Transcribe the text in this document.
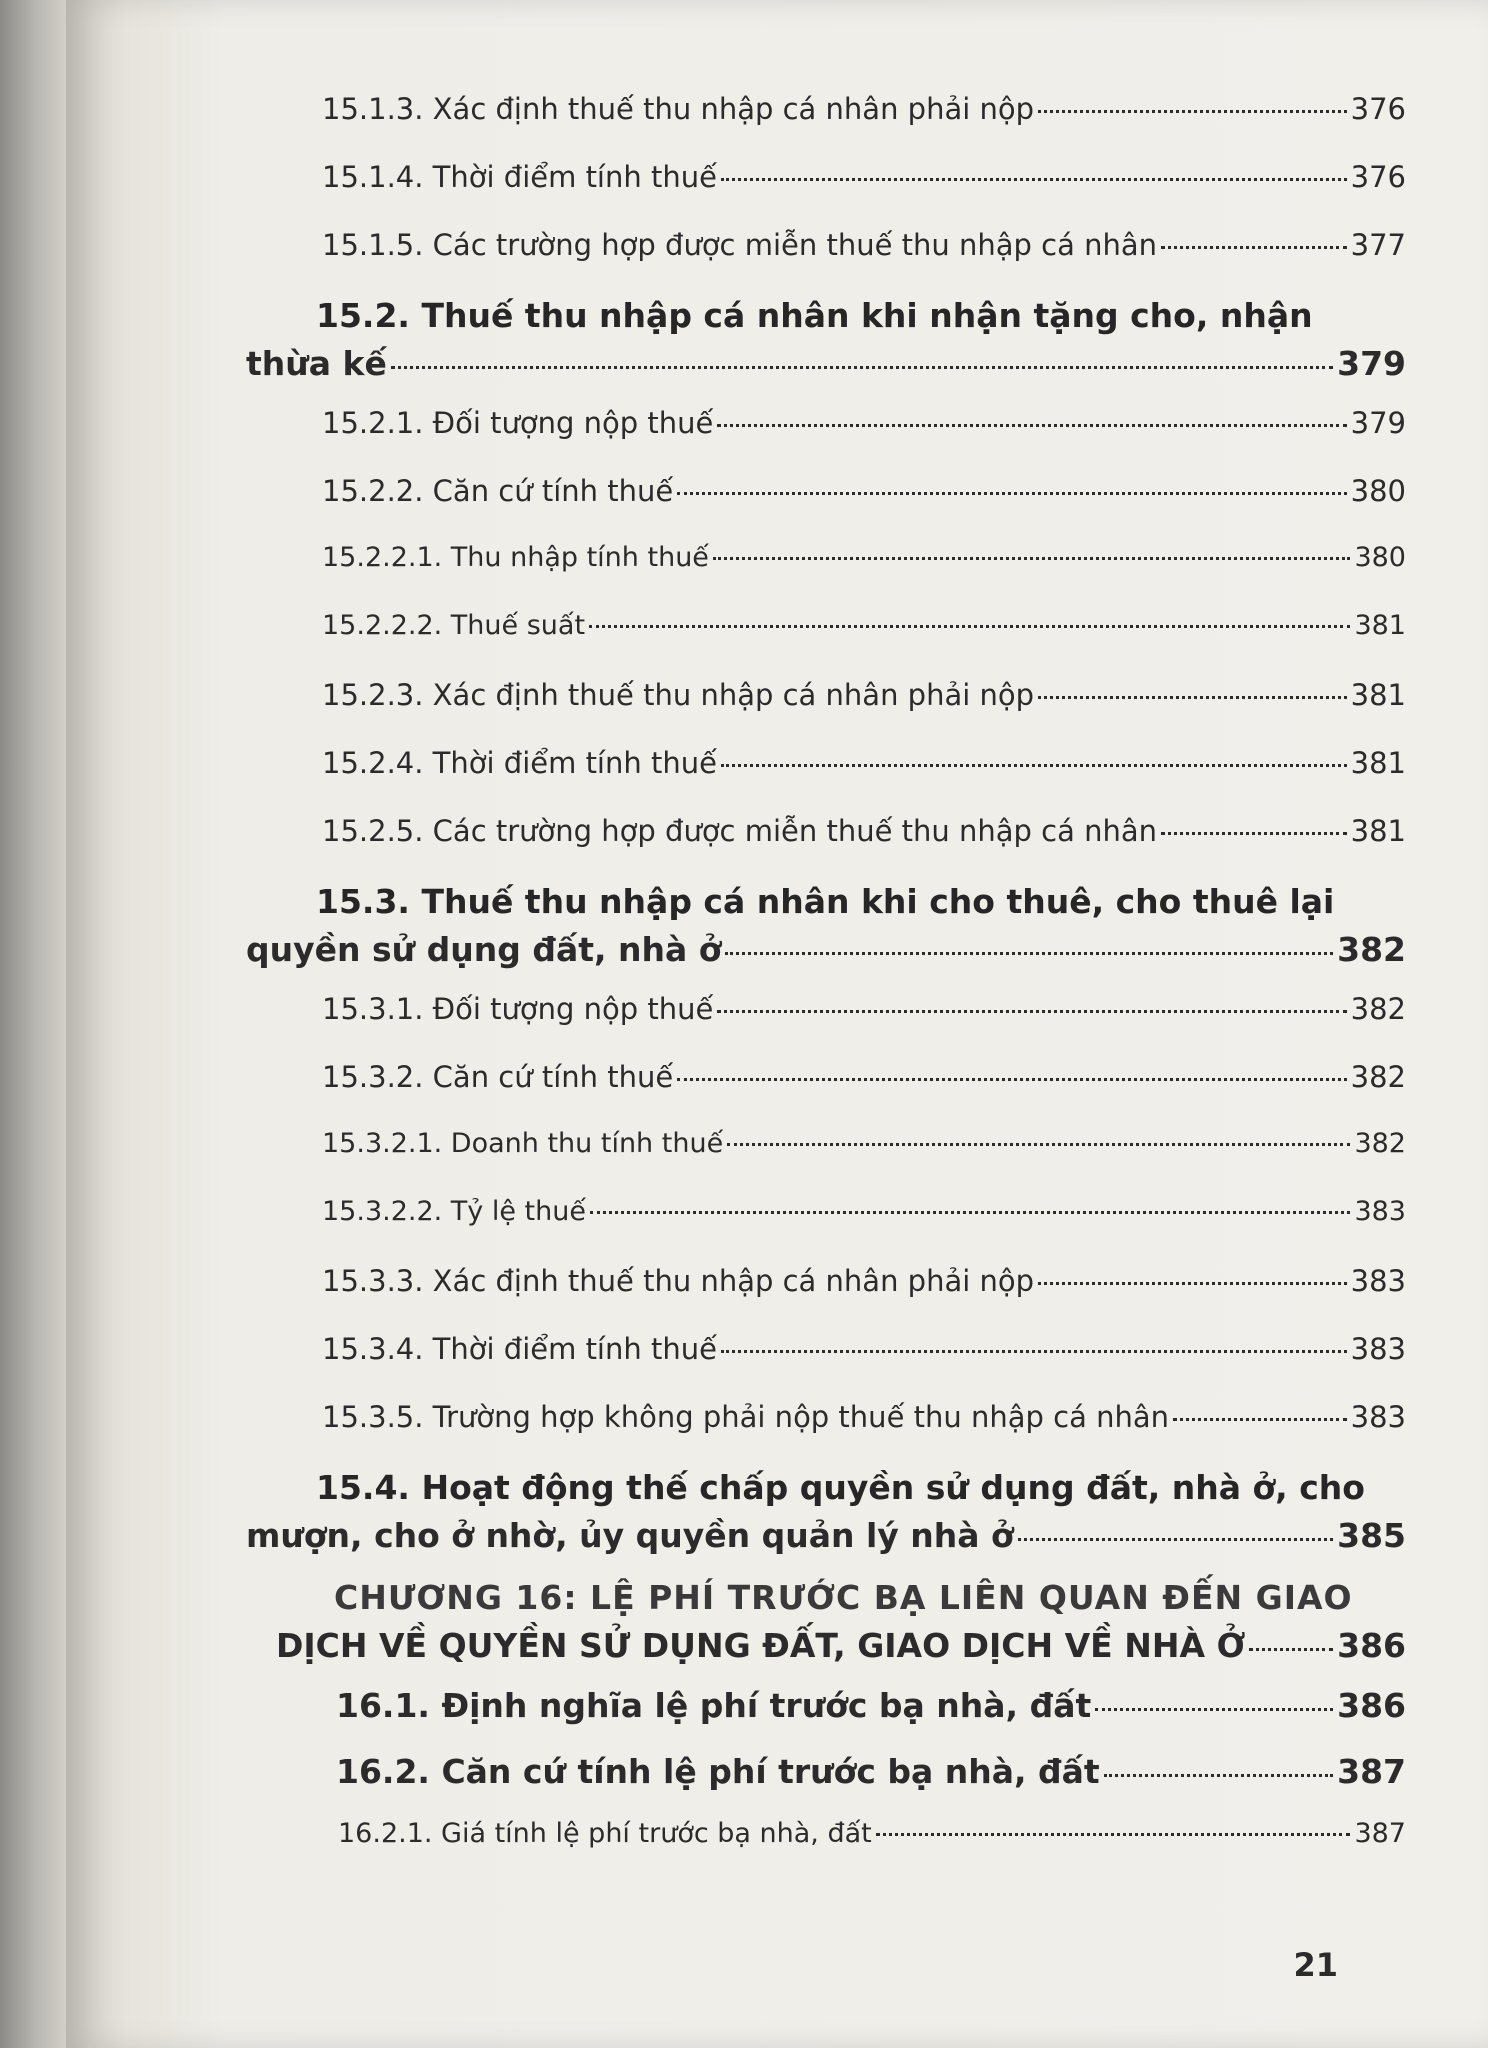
15.1.3. Xác định thuế thu nhập cá nhân phải nộp	376
15.1.4. Thời điểm tính thuế	376
15.1.5. Các trường hợp được miễn thuế thu nhập cá nhân	377
15.2. Thuế thu nhập cá nhân khi nhận tặng cho, nhận
thừa kế	379
15.2.1. Đối tượng nộp thuế	379
15.2.2. Căn cứ tính thuế	380
15.2.2.1. Thu nhập tính thuế	380
15.2.2.2. Thuế suất	381
15.2.3. Xác định thuế thu nhập cá nhân phải nộp	381
15.2.4. Thời điểm tính thuế	381
15.2.5. Các trường hợp được miễn thuế thu nhập cá nhân	381
15.3. Thuế thu nhập cá nhân khi cho thuê, cho thuê lại
quyền sử dụng đất, nhà ở	382
15.3.1. Đối tượng nộp thuế	382
15.3.2. Căn cứ tính thuế	382
15.3.2.1. Doanh thu tính thuế	382
15.3.2.2. Tỷ lệ thuế	383
15.3.3. Xác định thuế thu nhập cá nhân phải nộp	383
15.3.4. Thời điểm tính thuế	383
15.3.5. Trường hợp không phải nộp thuế thu nhập cá nhân	383
15.4. Hoạt động thế chấp quyền sử dụng đất, nhà ở, cho
mượn, cho ở nhờ, ủy quyền quản lý nhà ở	385
CHƯƠNG 16: LỆ PHÍ TRƯỚC BẠ LIÊN QUAN ĐẾN GIAO
DỊCH VỀ QUYỀN SỬ DỤNG ĐẤT, GIAO DỊCH VỀ NHÀ Ở	386
16.1. Định nghĩa lệ phí trước bạ nhà, đất	386
16.2. Căn cứ tính lệ phí trước bạ nhà, đất	387
16.2.1. Giá tính lệ phí trước bạ nhà, đất	387
21
